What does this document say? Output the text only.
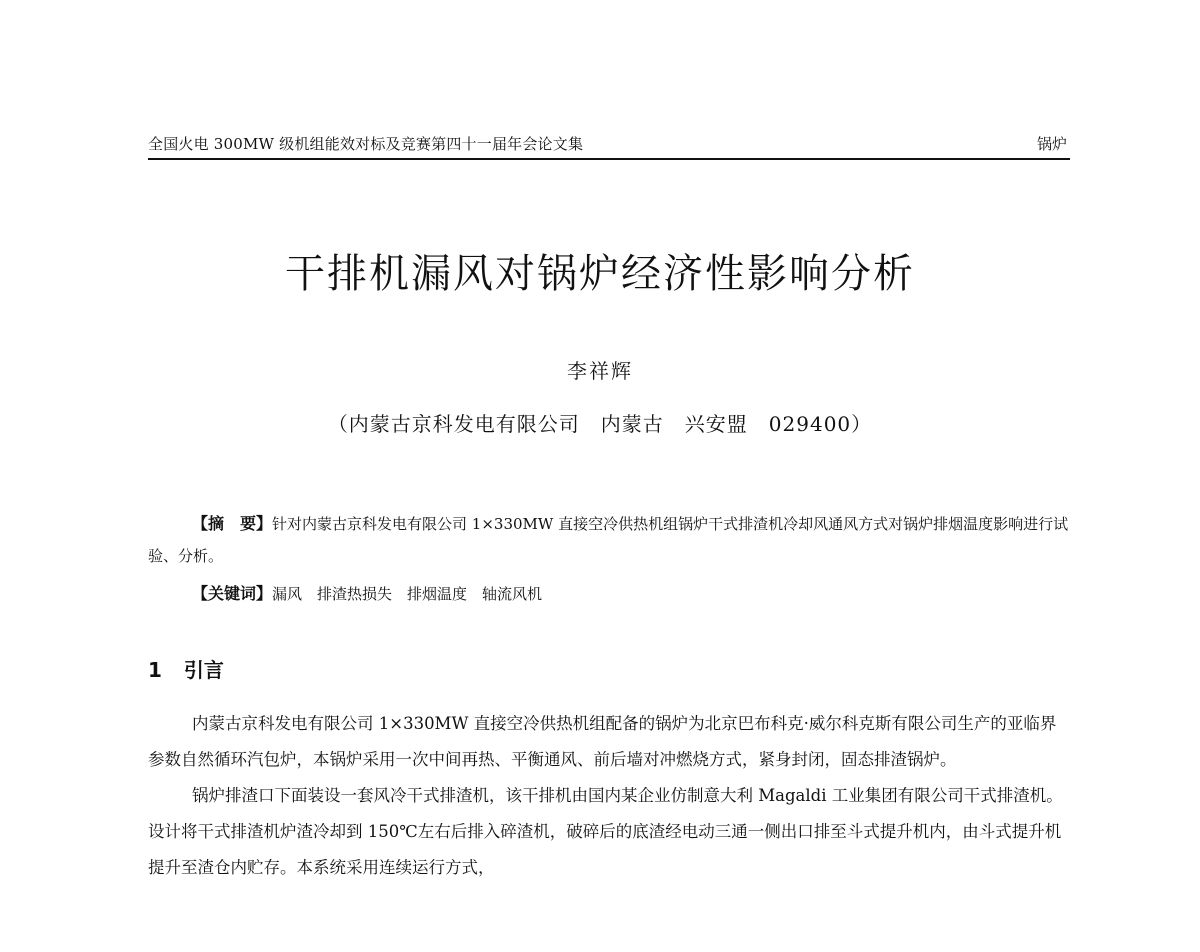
全国火电 300MW 级机组能效对标及竞赛第四十一届年会论文集	锅炉
干排机漏风对锅炉经济性影响分析
李祥辉
（内蒙古京科发电有限公司　内蒙古　兴安盟　029400）
【摘　要】针对内蒙古京科发电有限公司 1×330MW 直接空冷供热机组锅炉干式排渣机冷却风通风方式对锅炉排烟温度影响进行试验、分析。
【关键词】漏风　排渣热损失　排烟温度　轴流风机
1 引言

内蒙古京科发电有限公司 1×330MW 直接空冷供热机组配备的锅炉为北京巴布科克·威尔科克斯有限公司生产的亚临界参数自然循环汽包炉，本锅炉采用一次中间再热、平衡通风、前后墙对冲燃烧方式，紧身封闭，固态排渣锅炉。

锅炉排渣口下面装设一套风冷干式排渣机，该干排机由国内某企业仿制意大利 Magaldi 工业集团有限公司干式排渣机。设计将干式排渣机炉渣冷却到 150℃左右后排入碎渣机，破碎后的底渣经电动三通一侧出口排至斗式提升机内，由斗式提升机提升至渣仓内贮存。本系统采用连续运行方式，
